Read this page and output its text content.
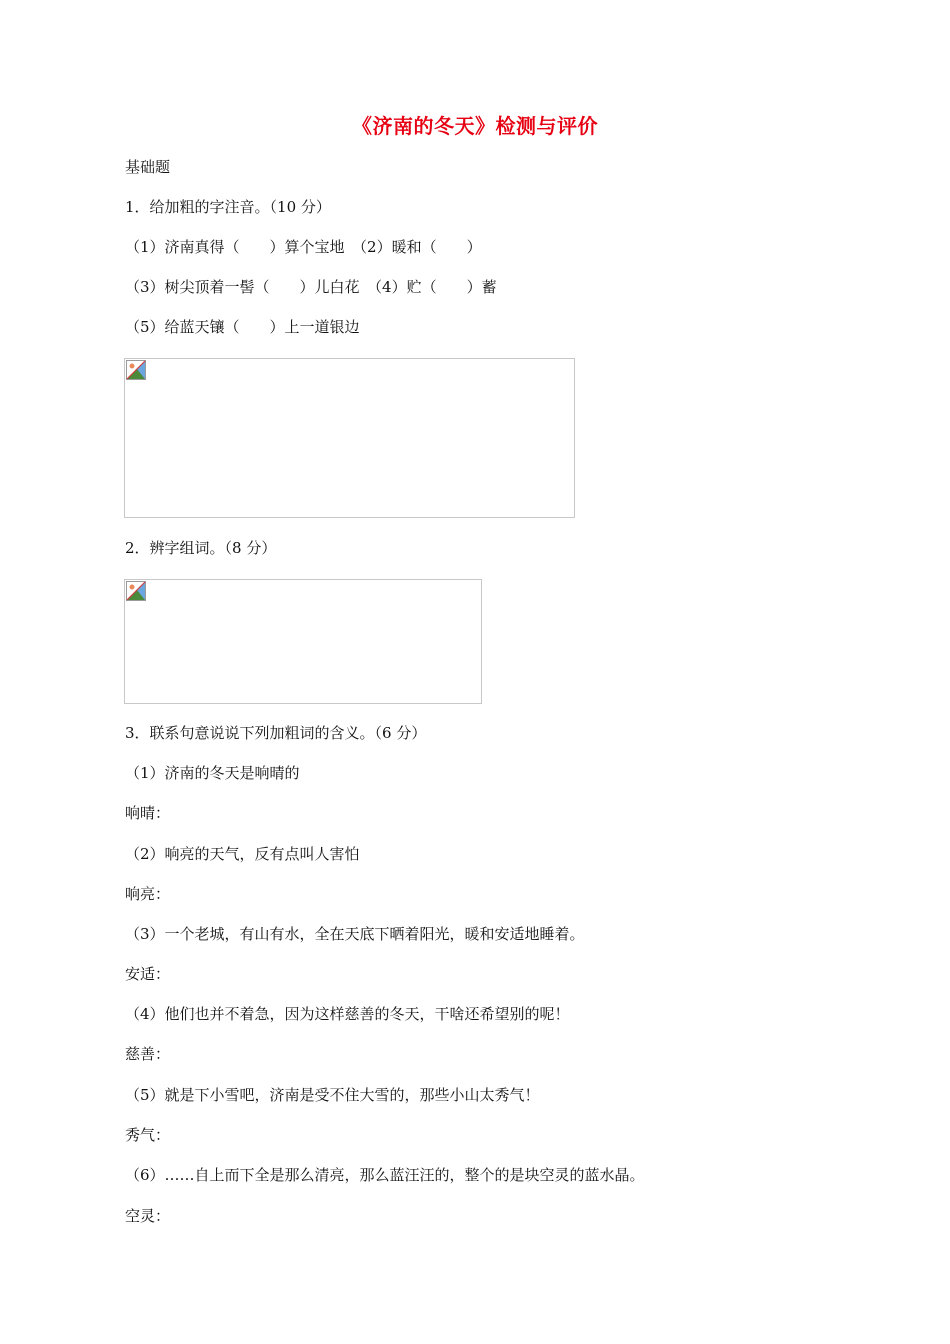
《济南的冬天》检测与评价
基础题
1．给加粗的字注音。（10 分）
（1）济南真得（　　）算个宝地　（2）暖和（　　）
（3）树尖顶着一髻（　　）儿白花　（4）贮（　　）蓄
（5）给蓝天镶（　　）上一道银边
2．辨字组词。（8 分）
3．联系句意说说下列加粗词的含义。（6 分）
（1）济南的冬天是响晴的
响晴：
（2）响亮的天气，反有点叫人害怕
响亮：
（3）一个老城，有山有水，全在天底下晒着阳光，暖和安适地睡着。
安适：
（4）他们也并不着急，因为这样慈善的冬天，干啥还希望别的呢！
慈善：
（5）就是下小雪吧，济南是受不住大雪的，那些小山太秀气！
秀气：
（6）……自上而下全是那么清亮，那么蓝汪汪的，整个的是块空灵的蓝水晶。
空灵：
